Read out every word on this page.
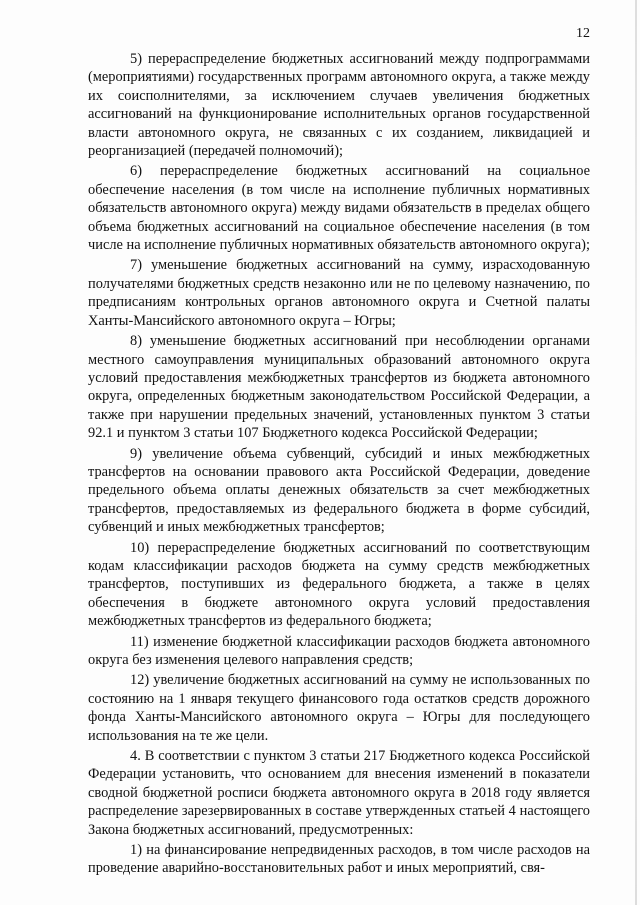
12

5) перераспределение бюджетных ассигнований между подпрограммами (мероприятиями) государственных программ автономного округа, а также между их соисполнителями, за исключением случаев увеличения бюджетных ассигнований на функционирование исполнительных органов государственной власти автономного округа, не связанных с их созданием, ликвидацией и реорганизацией (передачей полномочий);

6) перераспределение бюджетных ассигнований на социальное обеспечение населения (в том числе на исполнение публичных нормативных обязательств автономного округа) между видами обязательств в пределах общего объема бюджетных ассигнований на социальное обеспечение населения (в том числе на исполнение публичных нормативных обязательств автономного округа);

7) уменьшение бюджетных ассигнований на сумму, израсходованную получателями бюджетных средств незаконно или не по целевому назначению, по предписаниям контрольных органов автономного округа и Счетной палаты Ханты-Мансийского автономного округа – Югры;

8) уменьшение бюджетных ассигнований при несоблюдении органами местного самоуправления муниципальных образований автономного округа условий предоставления межбюджетных трансфертов из бюджета автономного округа, определенных бюджетным законодательством Российской Федерации, а также при нарушении предельных значений, установленных пунктом 3 статьи 92.1 и пунктом 3 статьи 107 Бюджетного кодекса Российской Федерации;

9) увеличение объема субвенций, субсидий и иных межбюджетных трансфертов на основании правового акта Российской Федерации, доведение предельного объема оплаты денежных обязательств за счет межбюджетных трансфертов, предоставляемых из федерального бюджета в форме субсидий, субвенций и иных межбюджетных трансфертов;

10) перераспределение бюджетных ассигнований по соответствующим кодам классификации расходов бюджета на сумму средств межбюджетных трансфертов, поступивших из федерального бюджета, а также в целях обеспечения в бюджете автономного округа условий предоставления межбюджетных трансфертов из федерального бюджета;

11) изменение бюджетной классификации расходов бюджета автономного округа без изменения целевого направления средств;

12) увеличение бюджетных ассигнований на сумму не использованных по состоянию на 1 января текущего финансового года остатков средств дорожного фонда Ханты-Мансийского автономного округа – Югры для последующего использования на те же цели.

4. В соответствии с пунктом 3 статьи 217 Бюджетного кодекса Российской Федерации установить, что основанием для внесения изменений в показатели сводной бюджетной росписи бюджета автономного округа в 2018 году является распределение зарезервированных в составе утвержденных статьей 4 настоящего Закона бюджетных ассигнований, предусмотренных:

1) на финансирование непредвиденных расходов, в том числе расходов на проведение аварийно-восстановительных работ и иных мероприятий, свя-
